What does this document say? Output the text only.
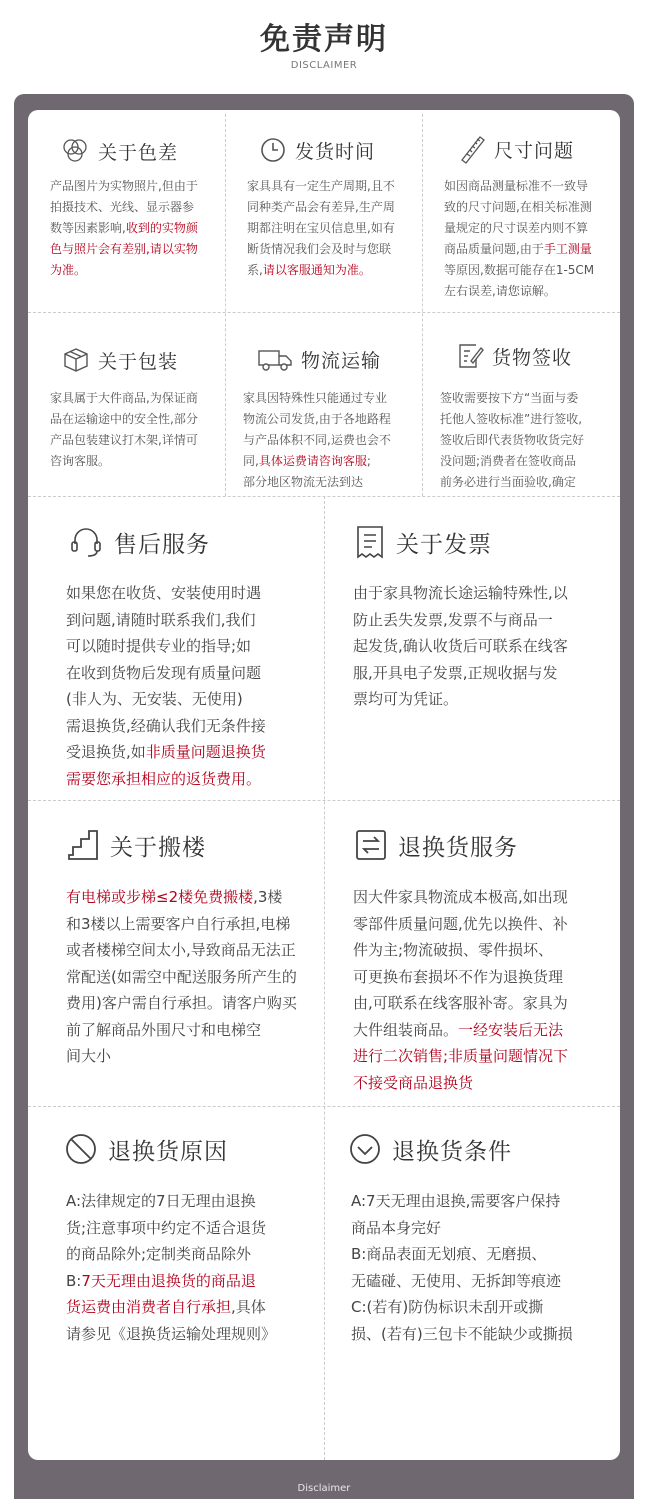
免责声明
DISCLAIMER
关于色差
产品图片为实物照片,但由于
拍摄技术、光线、显示器参
数等因素影响,收到的实物颜
色与照片会有差别,请以实物
为准。
发货时间
家具具有一定生产周期,且不
同种类产品会有差异,生产周
期都注明在宝贝信息里,如有
断货情况我们会及时与您联
系,请以客服通知为准。
尺寸问题
如因商品测量标准不一致导
致的尺寸问题,在相关标准测
量规定的尺寸误差内则不算
商品质量问题,由于手工测量
等原因,数据可能存在1-5CM
左右误差,请您谅解。
关于包装
家具属于大件商品,为保证商
品在运输途中的安全性,部分
产品包装建议打木架,详情可
咨询客服。
物流运输
家具因特殊性只能通过专业
物流公司发货,由于各地路程
与产品体积不同,运费也会不
同,具体运费请咨询客服;
部分地区物流无法到达
货物签收
签收需要按下方“当面与委
托他人签收标准”进行签收,
签收后即代表货物收货完好
没问题;消费者在签收商品
前务必进行当面验收,确定
售后服务
如果您在收货、安装使用时遇
到问题,请随时联系我们,我们
可以随时提供专业的指导;如
在收到货物后发现有质量问题
(非人为、无安装、无使用)
需退换货,经确认我们无条件接
受退换货,如非质量问题退换货
需要您承担相应的返货费用。
关于发票
由于家具物流长途运输特殊性,以
防止丢失发票,发票不与商品一
起发货,确认收货后可联系在线客
服,开具电子发票,正规收据与发
票均可为凭证。
关于搬楼
有电梯或步梯≤2楼免费搬楼,3楼
和3楼以上需要客户自行承担,电梯
或者楼梯空间太小,导致商品无法正
常配送(如需空中配送服务所产生的
费用)客户需自行承担。请客户购买
前了解商品外围尺寸和电梯空
间大小
退换货服务
因大件家具物流成本极高,如出现
零部件质量问题,优先以换件、补
件为主;物流破损、零件损坏、
可更换布套损坏不作为退换货理
由,可联系在线客服补寄。家具为
大件组装商品。一经安装后无法
进行二次销售;非质量问题情况下
不接受商品退换货
退换货原因
A:法律规定的7日无理由退换
货;注意事项中约定不适合退货
的商品除外;定制类商品除外
B:7天无理由退换货的商品退
货运费由消费者自行承担,具体
请参见《退换货运输处理规则》
退换货条件
A:7天无理由退换,需要客户保持
商品本身完好
B:商品表面无划痕、无磨损、
无磕碰、无使用、无拆卸等痕迹
C:(若有)防伪标识未刮开或撕
损、(若有)三包卡不能缺少或撕损
Disclaimer
